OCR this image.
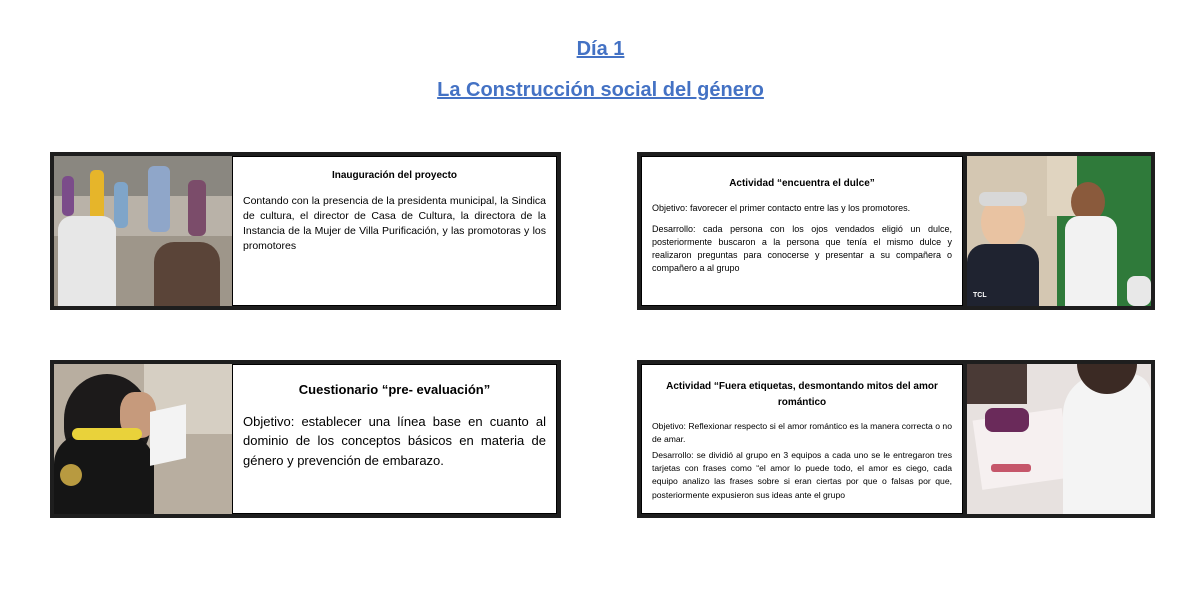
Día 1
La Construcción social del género
Inauguración del proyecto

Contando con la presencia de la presidenta municipal, la Sindica de cultura, el director de Casa de Cultura, la directora de la Instancia de la Mujer de Villa Purificación, y las promotoras y los promotores

Actividad “encuentra el dulce”

Objetivo: favorecer el primer contacto entre las y los promotores.

Desarrollo: cada persona con los ojos vendados eligió un dulce, posteriormente buscaron a la persona que tenía el mismo dulce y realizaron preguntas para conocerse y presentar a su compañera o compañero a al grupo

TCL
Cuestionario “pre- evaluación”

Objetivo: establecer una línea base en cuanto al dominio de los conceptos básicos en materia de género y prevención de embarazo.

Actividad “Fuera etiquetas, desmontando mitos del amor romántico

Objetivo: Reflexionar respecto si el amor romántico es la manera correcta o no de amar.

Desarrollo: se dividió al grupo en 3 equipos a cada uno se le entregaron tres tarjetas con frases como “el amor lo puede todo, el amor es ciego, cada equipo analizo las frases sobre si eran ciertas por que o falsas por que, posteriormente expusieron sus ideas ante el grupo
